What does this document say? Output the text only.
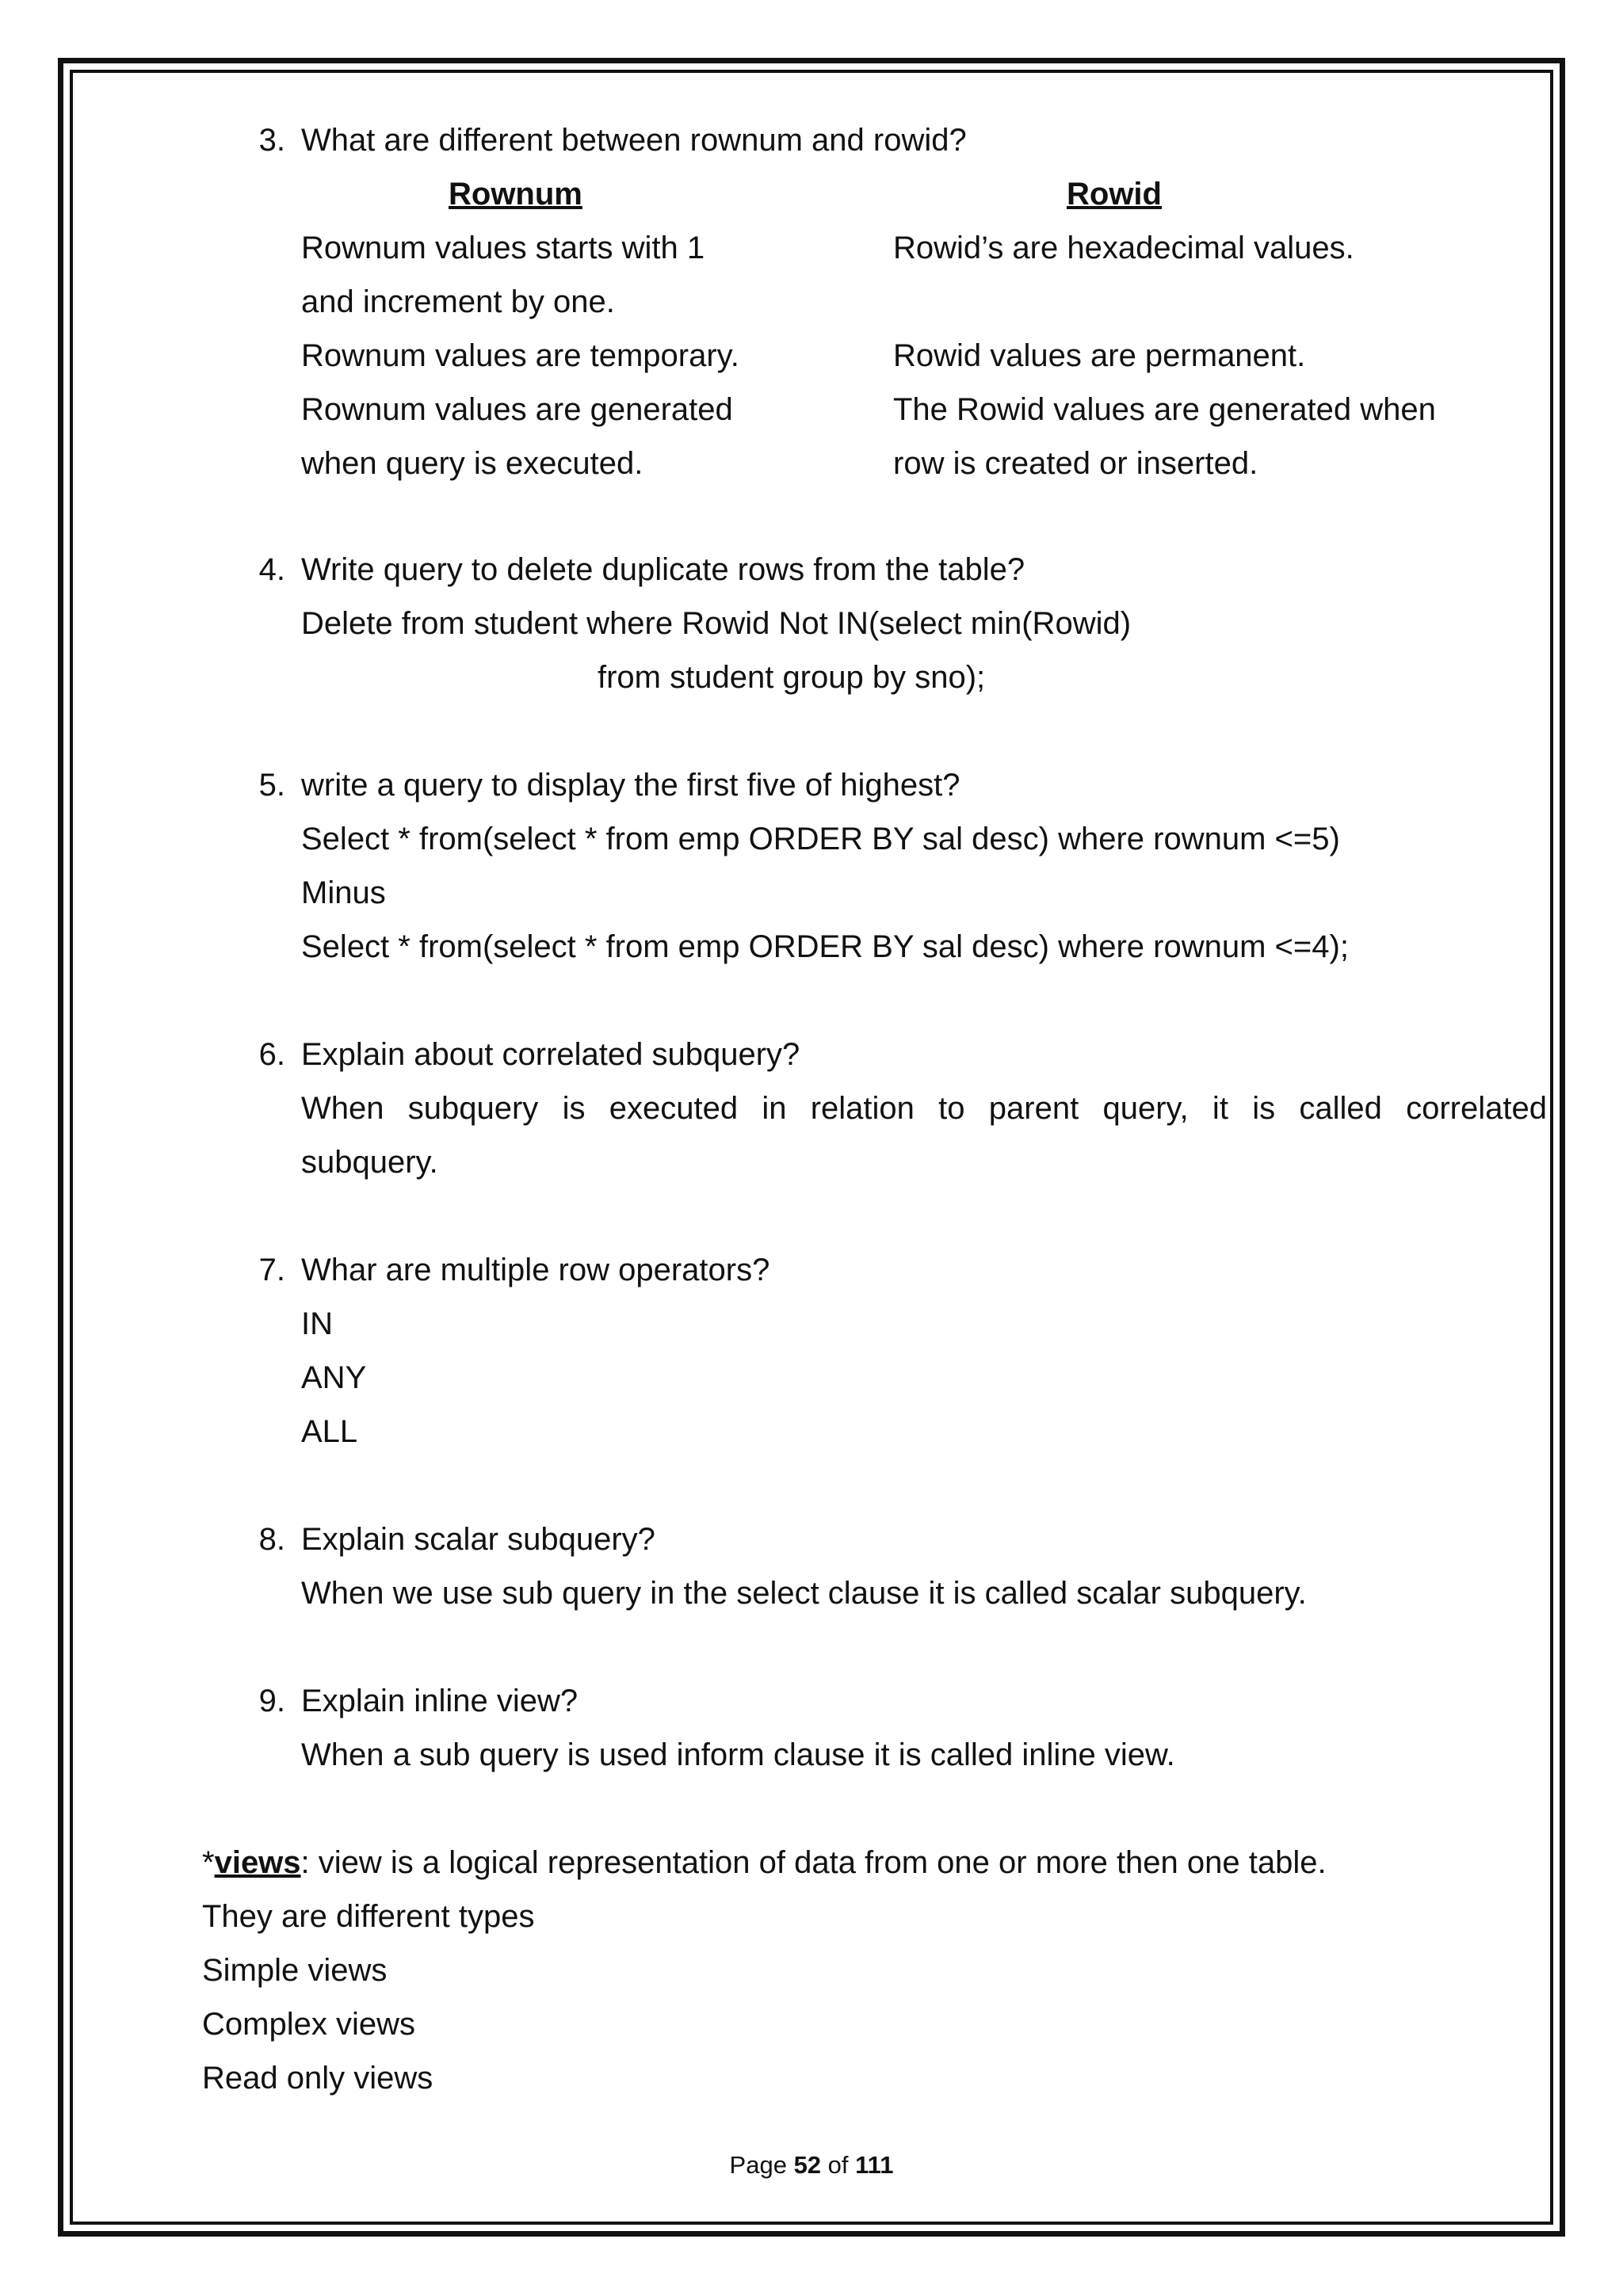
3. What are different between rownum and rowid?
Rownum	Rowid
Rownum values starts with 1	Rowid’s are hexadecimal values.
and increment by one.
Rownum values are temporary.	Rowid values are permanent.
Rownum values are generated	The Rowid values are generated when
when query is executed.	row is created or inserted.
4. Write query to delete duplicate rows from the table?
Delete from student where Rowid Not IN(select min(Rowid)
from student group by sno);
5. write a query to display the first five of highest?
Select * from(select * from emp ORDER BY sal desc) where rownum <=5)
Minus
Select * from(select * from emp ORDER BY sal desc) where rownum <=4);
6. Explain about correlated subquery?
When subquery is executed in relation to parent query, it is called correlated
subquery.
7. Whar are multiple row operators?
IN
ANY
ALL
8. Explain scalar subquery?
When we use sub query in the select clause it is called scalar subquery.
9. Explain inline view?
When a sub query is used inform clause it is called inline view.
*views: view is a logical representation of data from one or more then one table.
They are different types
Simple views
Complex views
Read only views
Page 52 of 111
